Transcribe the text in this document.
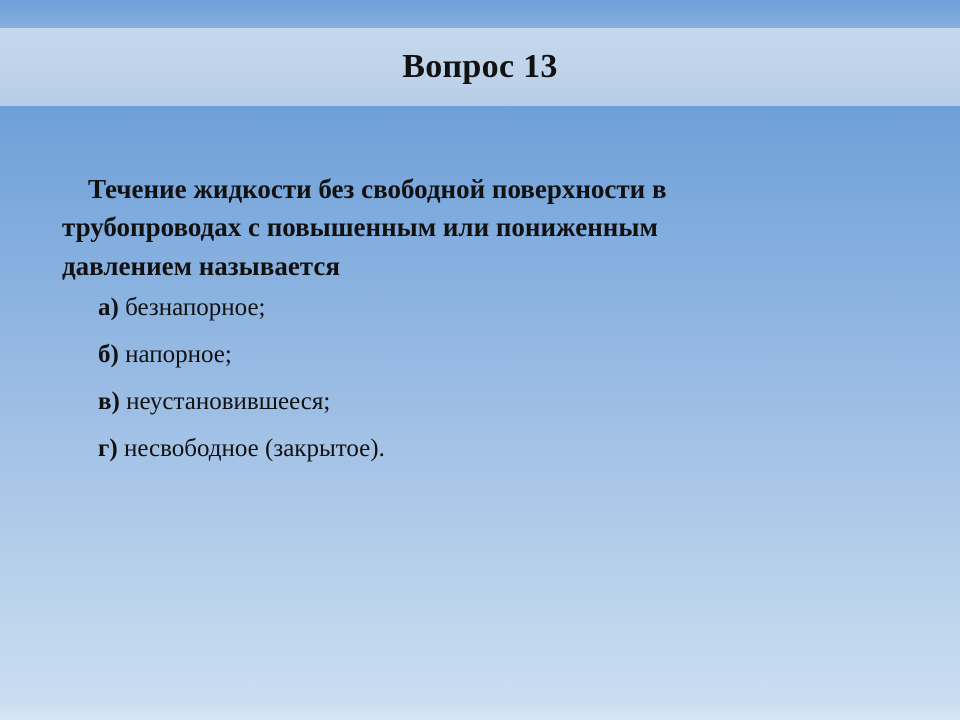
Вопрос 13

Течение жидкости без свободной поверхности в трубопроводах с повышенным или пониженным давлением называется

а) безнапорное;
б) напорное;
в) неустановившееся;
г) несвободное (закрытое).
